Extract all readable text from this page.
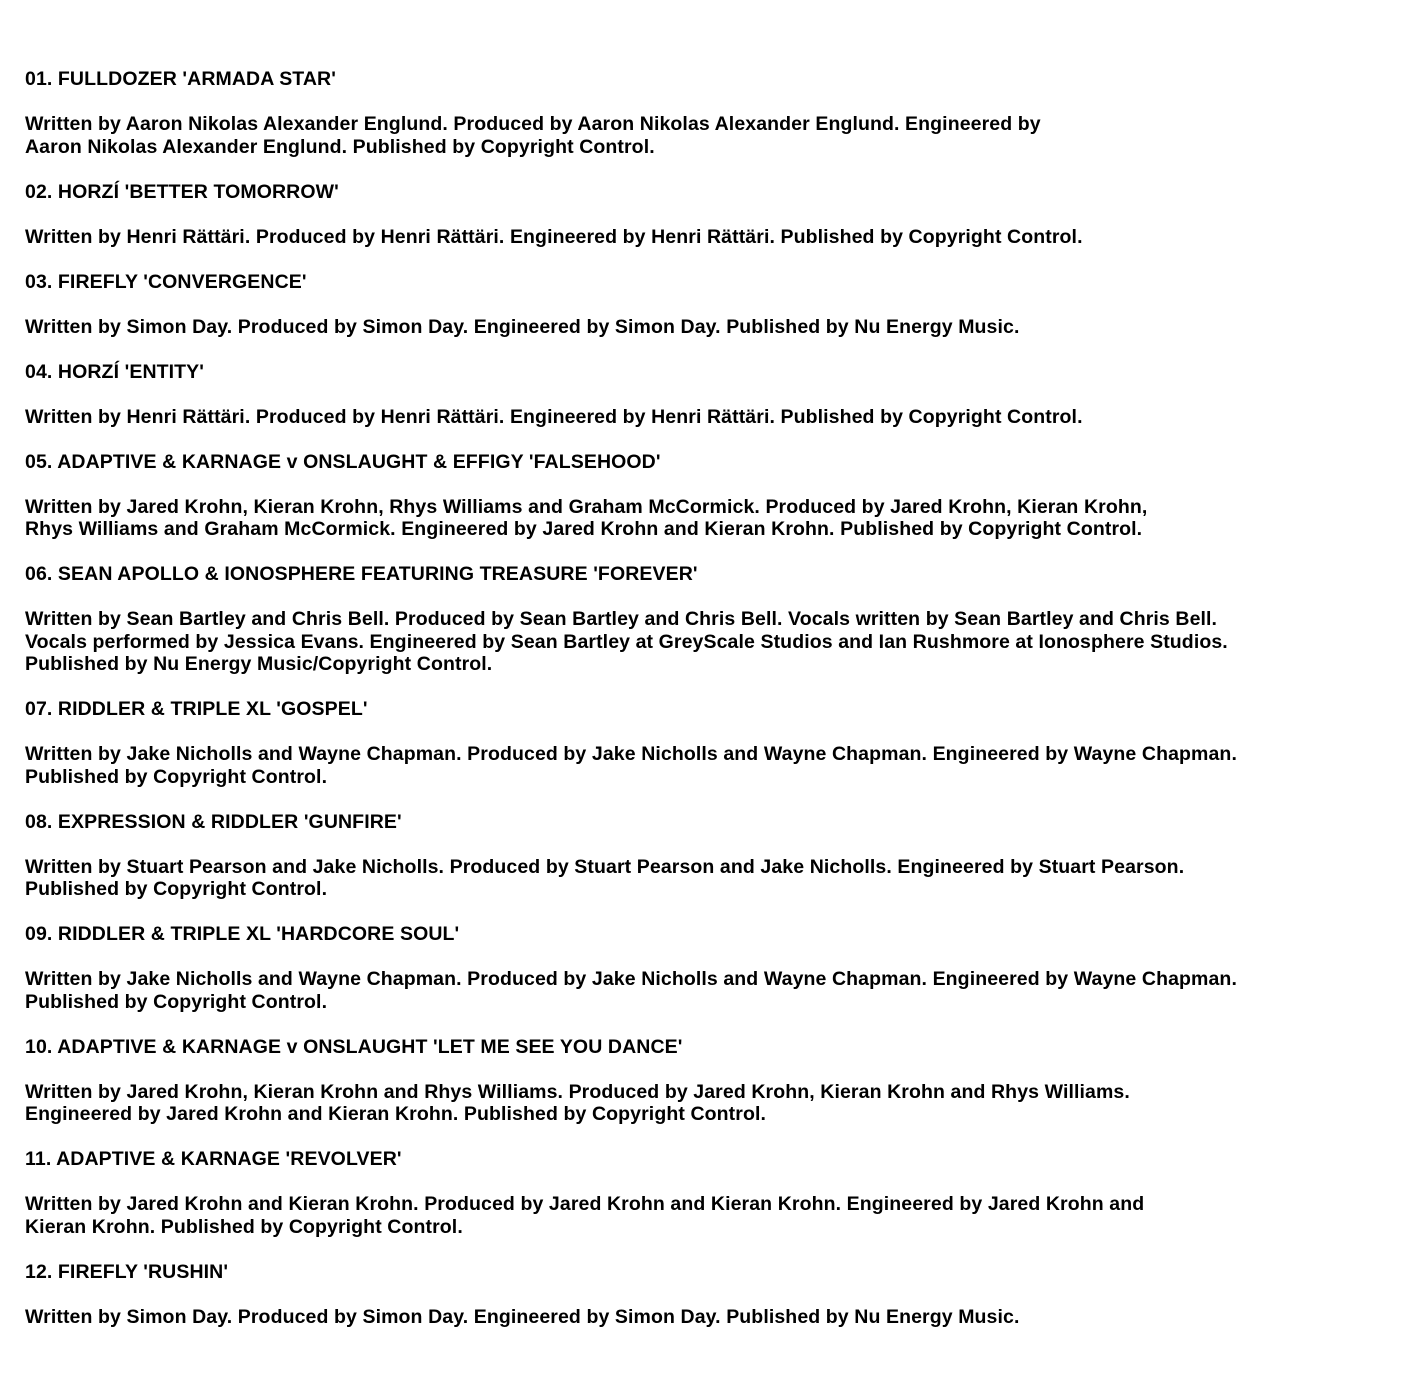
01. FULLDOZER 'ARMADA STAR'

Written by Aaron Nikolas Alexander Englund. Produced by Aaron Nikolas Alexander Englund. Engineered by
Aaron Nikolas Alexander Englund. Published by Copyright Control.

02. HORZÍ 'BETTER TOMORROW'

Written by Henri Rättäri. Produced by Henri Rättäri. Engineered by Henri Rättäri. Published by Copyright Control.

03. FIREFLY 'CONVERGENCE'

Written by Simon Day. Produced by Simon Day. Engineered by Simon Day. Published by Nu Energy Music.

04. HORZÍ 'ENTITY'

Written by Henri Rättäri. Produced by Henri Rättäri. Engineered by Henri Rättäri. Published by Copyright Control.

05. ADAPTIVE & KARNAGE v ONSLAUGHT & EFFIGY 'FALSEHOOD'

Written by Jared Krohn, Kieran Krohn, Rhys Williams and Graham McCormick. Produced by Jared Krohn, Kieran Krohn,
Rhys Williams and Graham McCormick. Engineered by Jared Krohn and Kieran Krohn. Published by Copyright Control.

06. SEAN APOLLO & IONOSPHERE FEATURING TREASURE 'FOREVER'

Written by Sean Bartley and Chris Bell. Produced by Sean Bartley and Chris Bell. Vocals written by Sean Bartley and Chris Bell.
Vocals performed by Jessica Evans. Engineered by Sean Bartley at GreyScale Studios and Ian Rushmore at Ionosphere Studios.
Published by Nu Energy Music/Copyright Control.

07. RIDDLER & TRIPLE XL 'GOSPEL'

Written by Jake Nicholls and Wayne Chapman. Produced by Jake Nicholls and Wayne Chapman. Engineered by Wayne Chapman.
Published by Copyright Control.

08. EXPRESSION & RIDDLER 'GUNFIRE'

Written by Stuart Pearson and Jake Nicholls. Produced by Stuart Pearson and Jake Nicholls. Engineered by Stuart Pearson.
Published by Copyright Control.

09. RIDDLER & TRIPLE XL 'HARDCORE SOUL'

Written by Jake Nicholls and Wayne Chapman. Produced by Jake Nicholls and Wayne Chapman. Engineered by Wayne Chapman.
Published by Copyright Control.

10. ADAPTIVE & KARNAGE v ONSLAUGHT 'LET ME SEE YOU DANCE'

Written by Jared Krohn, Kieran Krohn and Rhys Williams. Produced by Jared Krohn, Kieran Krohn and Rhys Williams.
Engineered by Jared Krohn and Kieran Krohn. Published by Copyright Control.

11. ADAPTIVE & KARNAGE 'REVOLVER'

Written by Jared Krohn and Kieran Krohn. Produced by Jared Krohn and Kieran Krohn. Engineered by Jared Krohn and
Kieran Krohn. Published by Copyright Control.

12. FIREFLY 'RUSHIN'

Written by Simon Day. Produced by Simon Day. Engineered by Simon Day. Published by Nu Energy Music.
